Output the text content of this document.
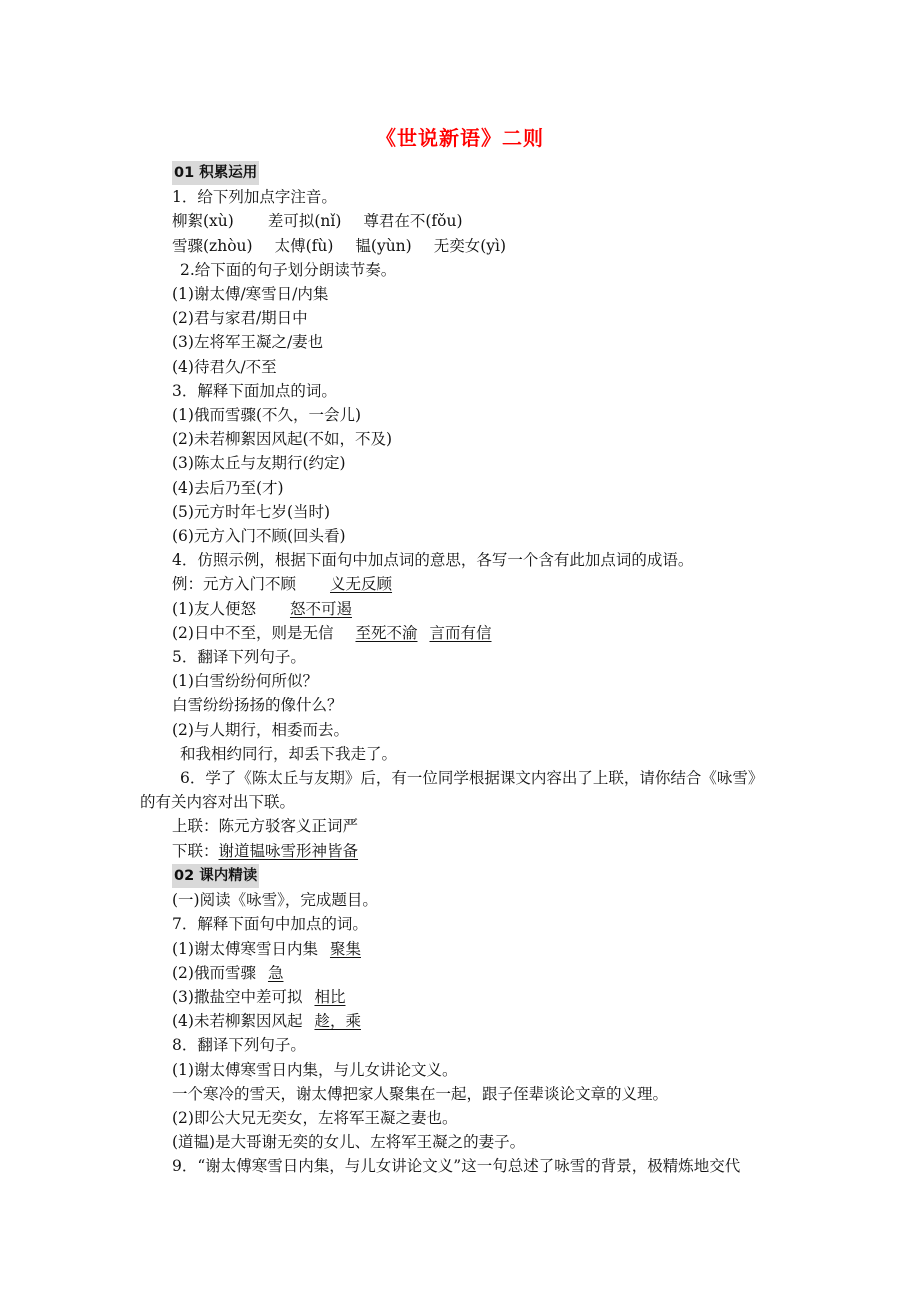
《世说新语》二则
01 积累运用
1．给下列加点字注音。
柳絮(xù) 差可拟(nǐ) 尊君在不(fǒu)
雪骤(zhòu) 太傅(fù) 韫(yùn) 无奕女(yì)
2.给下面的句子划分朗读节奏。
(1)谢太傅/寒雪日/内集
(2)君与家君/期日中
(3)左将军王凝之/妻也
(4)待君久/不至
3．解释下面加点的词。
(1)俄而雪骤(不久，一会儿)
(2)未若柳絮因风起(不如，不及)
(3)陈太丘与友期行(约定)
(4)去后乃至(才)
(5)元方时年七岁(当时)
(6)元方入门不顾(回头看)
4．仿照示例，根据下面句中加点词的意思，各写一个含有此加点词的成语。
例：元方入门不顾 义无反顾
(1)友人便怒 怒不可遏
(2)日中不至，则是无信 至死不渝 言而有信
5．翻译下列句子。
(1)白雪纷纷何所似？
白雪纷纷扬扬的像什么？
(2)与人期行，相委而去。
和我相约同行，却丢下我走了。
6．学了《陈太丘与友期》后，有一位同学根据课文内容出了上联，请你结合《咏雪》
的有关内容对出下联。
上联：陈元方驳客义正词严
下联：谢道韫咏雪形神皆备
02 课内精读
(一)阅读《咏雪》，完成题目。
7．解释下面句中加点的词。
(1)谢太傅寒雪日内集 聚集
(2)俄而雪骤 急
(3)撒盐空中差可拟 相比
(4)未若柳絮因风起 趁，乘
8．翻译下列句子。
(1)谢太傅寒雪日内集，与儿女讲论文义。
一个寒冷的雪天，谢太傅把家人聚集在一起，跟子侄辈谈论文章的义理。
(2)即公大兄无奕女，左将军王凝之妻也。
(道韫)是大哥谢无奕的女儿、左将军王凝之的妻子。
9．“谢太傅寒雪日内集，与儿女讲论文义”这一句总述了咏雪的背景，极精炼地交代
